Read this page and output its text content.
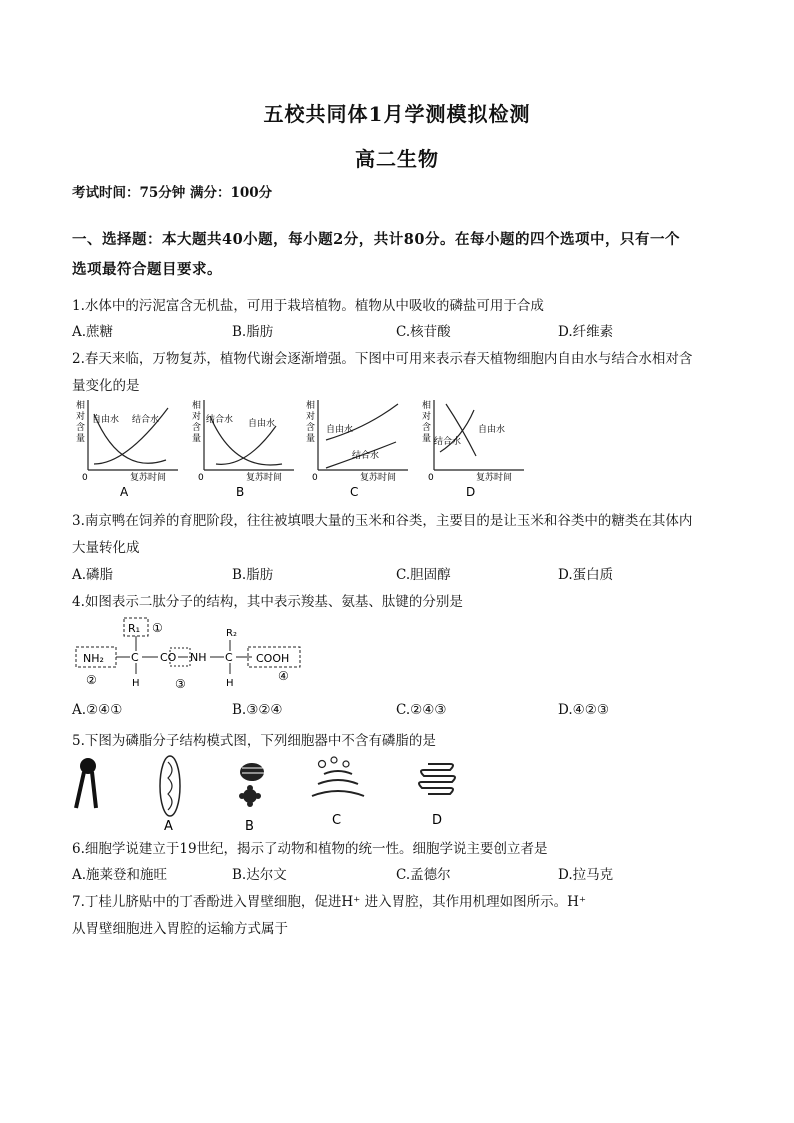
五校共同体1月学测模拟检测
高二生物
考试时间：75分钟 满分：100分
一、选择题：本大题共40小题，每小题2分，共计80分。在每小题的四个选项中，只有一个
选项最符合题目要求。
1.水体中的污泥富含无机盐，可用于栽培植物。植物从中吸收的磷盐可用于合成
A.蔗糖	B.脂肪	C.核苷酸	D.纤维素
2.春天来临，万物复苏，植物代谢会逐渐增强。下图中可用来表示春天植物细胞内自由水与结合水相对含
量变化的是
相
对
含
量
0	复苏时间
自由水 结合水
A
相
对
含
量
0	复苏时间
自由水
结合水
B
相
对
含
量
0	复苏时间
自由水
结合水
C
相
对
含
量
0	复苏时间
自由水
结合水
D
3.南京鸭在饲养的育肥阶段，往往被填喂大量的玉米和谷类，主要目的是让玉米和谷类中的糖类在其体内
大量转化成
A.磷脂	B.脂肪	C.胆固醇	D.蛋白质
4.如图表示二肽分子的结构，其中表示羧基、氨基、肽键的分别是
R₁ ①	R₂
NH₂
②
C CO NH C
③
COOH
④
H	H
A.②④①	B.③②④	C.②④③	D.④②③
5.下图为磷脂分子结构模式图，下列细胞器中不含有磷脂的是
A	B	C	D
6.细胞学说建立于19世纪，揭示了动物和植物的统一性。细胞学说主要创立者是
A.施莱登和施旺	B.达尔文	C.孟德尔	D.拉马克
7.丁桂儿脐贴中的丁香酚进入胃壁细胞，促进H⁺ 进入胃腔，其作用机理如图所示。H⁺
从胃壁细胞进入胃腔的运输方式属于
